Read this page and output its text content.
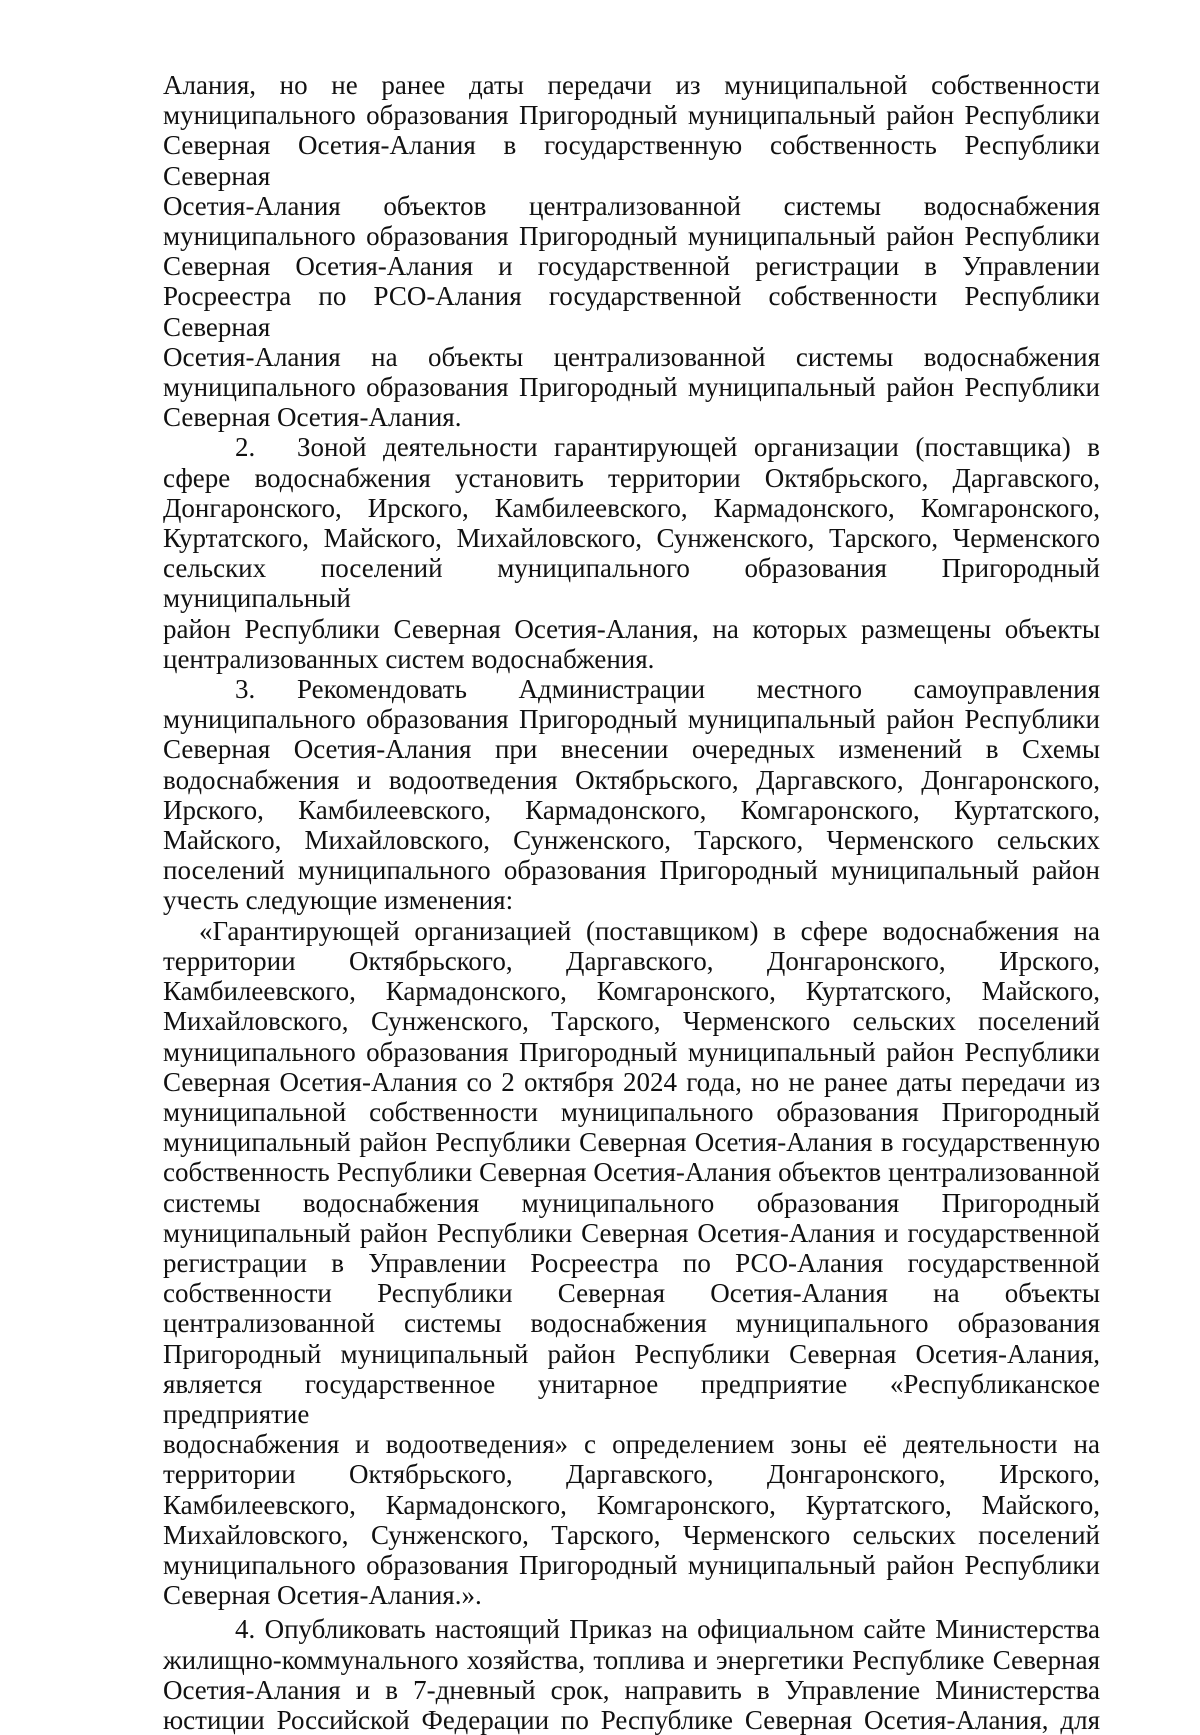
Алания, но не ранее даты передачи из муниципальной собственности
муниципального образования Пригородный муниципальный район Республики
Северная Осетия-Алания в государственную собственность Республики Северная
Осетия-Алания объектов централизованной системы водоснабжения
муниципального образования Пригородный муниципальный район Республики
Северная Осетия-Алания и государственной регистрации в Управлении
Росреестра по РСО-Алания государственной собственности Республики Северная
Осетия-Алания на объекты централизованной системы водоснабжения
муниципального образования Пригородный муниципальный район Республики
Северная Осетия-Алания.
2. Зоной деятельности гарантирующей организации (поставщика) в
сфере водоснабжения установить территории Октябрьского, Даргавского,
Донгаронского, Ирского, Камбилеевского, Кармадонского, Комгаронского,
Куртатского, Майского, Михайловского, Сунженского, Тарского, Черменского
сельских поселений муниципального образования Пригородный муниципальный
район Республики Северная Осетия-Алания, на которых размещены объекты
централизованных систем водоснабжения.
3. Рекомендовать Администрации местного самоуправления
муниципального образования Пригородный муниципальный район Республики
Северная Осетия-Алания при внесении очередных изменений в Схемы
водоснабжения и водоотведения Октябрьского, Даргавского, Донгаронского,
Ирского, Камбилеевского, Кармадонского, Комгаронского, Куртатского,
Майского, Михайловского, Сунженского, Тарского, Черменского сельских
поселений муниципального образования Пригородный муниципальный район
учесть следующие изменения:
«Гарантирующей организацией (поставщиком) в сфере водоснабжения на
территории Октябрьского, Даргавского, Донгаронского, Ирского,
Камбилеевского, Кармадонского, Комгаронского, Куртатского, Майского,
Михайловского, Сунженского, Тарского, Черменского сельских поселений
муниципального образования Пригородный муниципальный район Республики
Северная Осетия-Алания со 2 октября 2024 года, но не ранее даты передачи из
муниципальной собственности муниципального образования Пригородный
муниципальный район Республики Северная Осетия-Алания в государственную
собственность Республики Северная Осетия-Алания объектов централизованной
системы водоснабжения муниципального образования Пригородный
муниципальный район Республики Северная Осетия-Алания и государственной
регистрации в Управлении Росреестра по РСО-Алания государственной
собственности Республики Северная Осетия-Алания на объекты
централизованной системы водоснабжения муниципального образования
Пригородный муниципальный район Республики Северная Осетия-Алания,
является государственное унитарное предприятие «Республиканское предприятие
водоснабжения и водоотведения» с определением зоны её деятельности на
территории Октябрьского, Даргавского, Донгаронского, Ирского,
Камбилеевского, Кармадонского, Комгаронского, Куртатского, Майского,
Михайловского, Сунженского, Тарского, Черменского сельских поселений
муниципального образования Пригородный муниципальный район Республики
Северная Осетия-Алания.».
4. Опубликовать настоящий Приказ на официальном сайте Министерства
жилищно-коммунального хозяйства, топлива и энергетики Республике Северная
Осетия-Алания и в 7-дневный срок, направить в Управление Министерства
юстиции Российской Федерации по Республике Северная Осетия-Алания, для
